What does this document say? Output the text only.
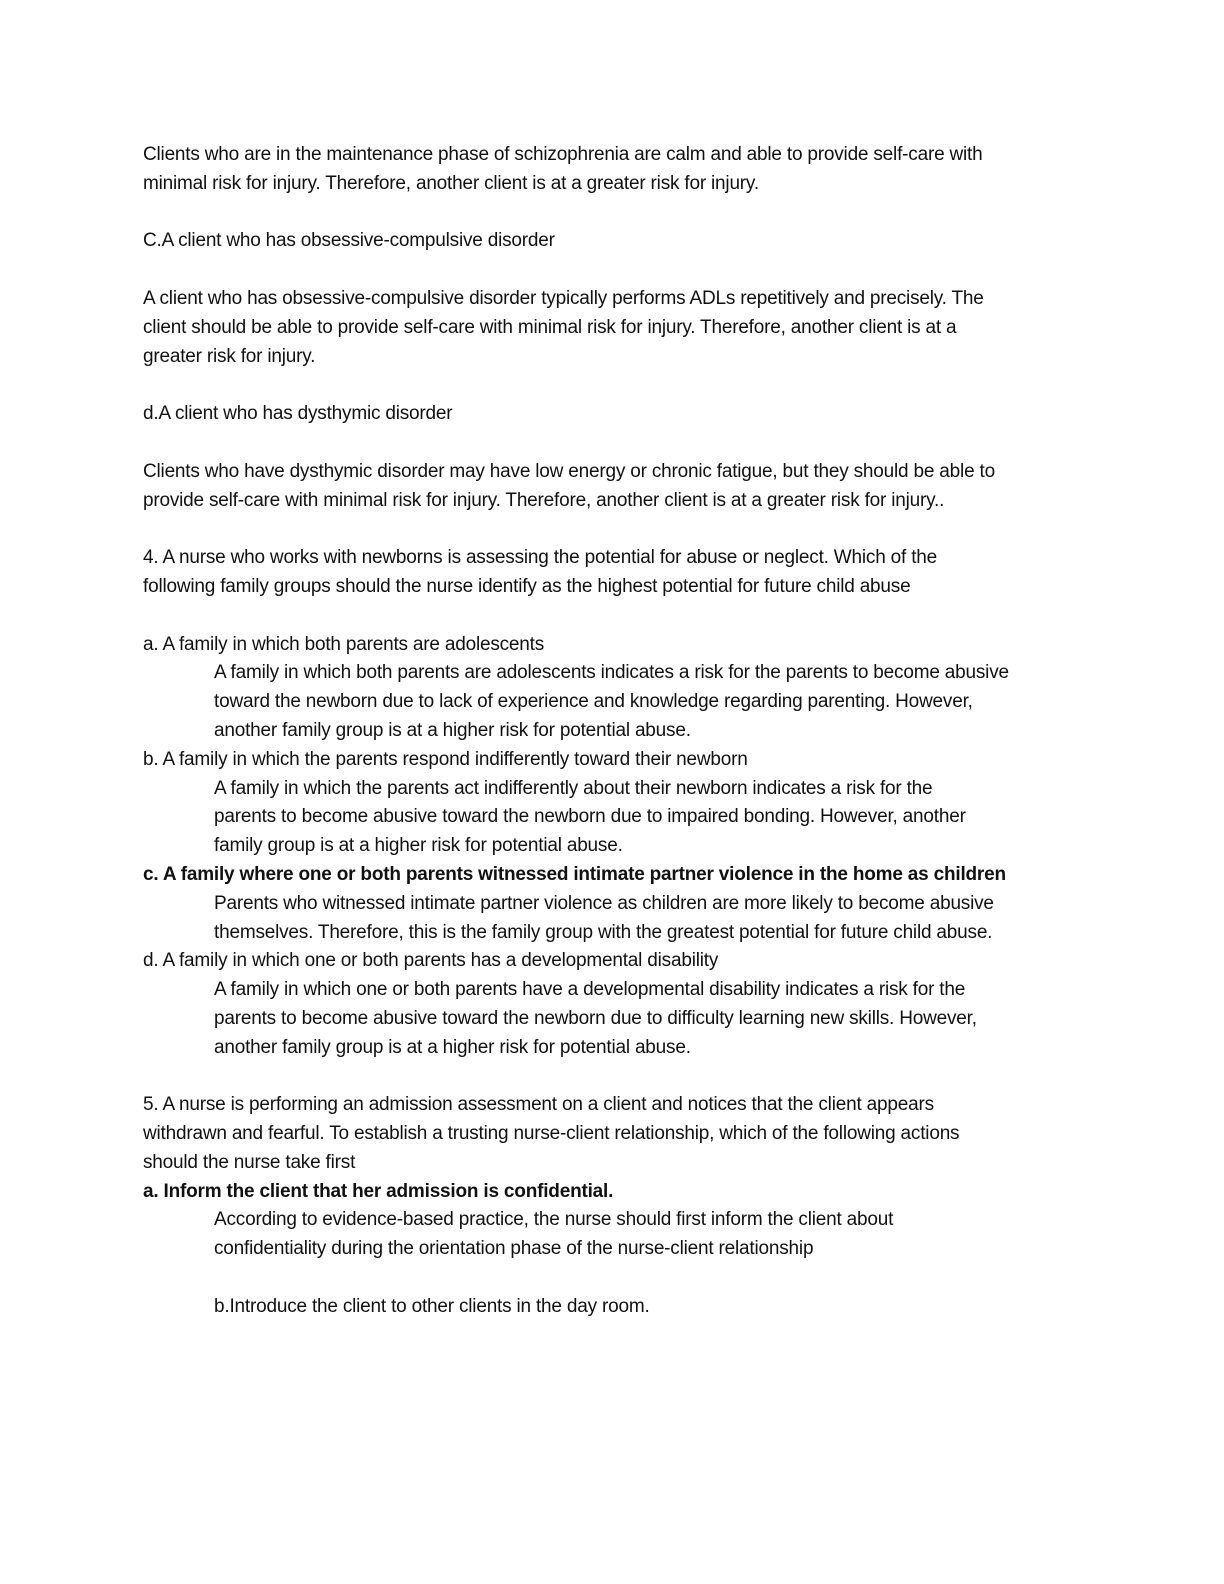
Clients who are in the maintenance phase of schizophrenia are calm and able to provide self-care with
minimal risk for injury. Therefore, another client is at a greater risk for injury.

C.A client who has obsessive-compulsive disorder

A client who has obsessive-compulsive disorder typically performs ADLs repetitively and precisely. The
client should be able to provide self-care with minimal risk for injury. Therefore, another client is at a
greater risk for injury.

d.A client who has dysthymic disorder

Clients who have dysthymic disorder may have low energy or chronic fatigue, but they should be able to
provide self-care with minimal risk for injury. Therefore, another client is at a greater risk for injury..

4. A nurse who works with newborns is assessing the potential for abuse or neglect. Which of the
following family groups should the nurse identify as the highest potential for future child abuse

a. A family in which both parents are adolescents

A family in which both parents are adolescents indicates a risk for the parents to become abusive
toward the newborn due to lack of experience and knowledge regarding parenting. However,
another family group is at a higher risk for potential abuse.

b. A family in which the parents respond indifferently toward their newborn

A family in which the parents act indifferently about their newborn indicates a risk for the
parents to become abusive toward the newborn due to impaired bonding. However, another
family group is at a higher risk for potential abuse.

c. A family where one or both parents witnessed intimate partner violence in the home as children

Parents who witnessed intimate partner violence as children are more likely to become abusive
themselves. Therefore, this is the family group with the greatest potential for future child abuse.

d. A family in which one or both parents has a developmental disability

A family in which one or both parents have a developmental disability indicates a risk for the
parents to become abusive toward the newborn due to difficulty learning new skills. However,
another family group is at a higher risk for potential abuse.

5. A nurse is performing an admission assessment on a client and notices that the client appears
withdrawn and fearful. To establish a trusting nurse-client relationship, which of the following actions
should the nurse take first

a. Inform the client that her admission is confidential.

According to evidence-based practice, the nurse should first inform the client about
confidentiality during the orientation phase of the nurse-client relationship

b.Introduce the client to other clients in the day room.
